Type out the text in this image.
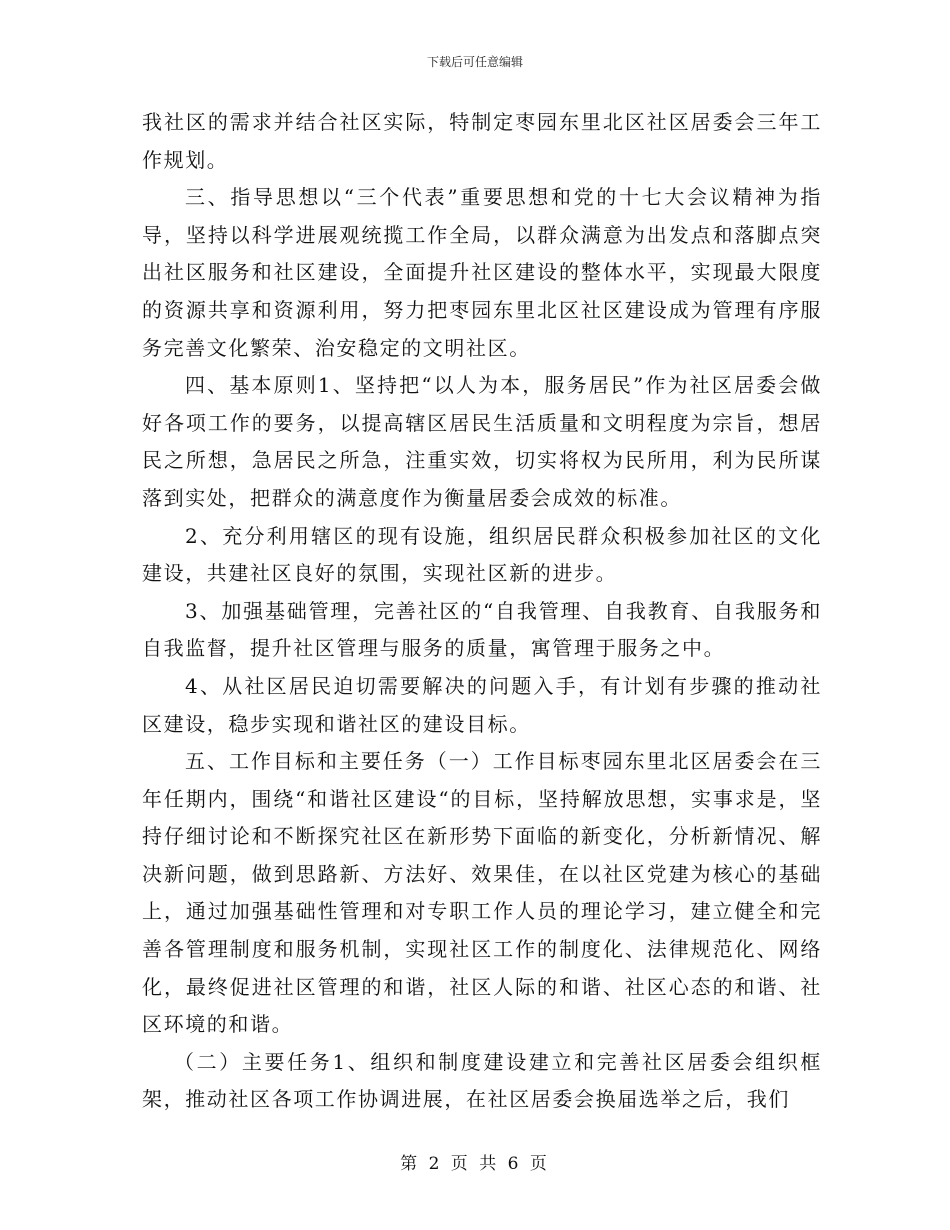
下载后可任意编辑

我社区的需求并结合社区实际，特制定枣园东里北区社区居委会三年工作规划。

三、指导思想以“三个代表”重要思想和党的十七大会议精神为指导，坚持以科学进展观统揽工作全局，以群众满意为出发点和落脚点突出社区服务和社区建设，全面提升社区建设的整体水平，实现最大限度的资源共享和资源利用，努力把枣园东里北区社区建设成为管理有序服务完善文化繁荣、治安稳定的文明社区。

四、基本原则1、坚持把“以人为本，服务居民”作为社区居委会做好各项工作的要务，以提高辖区居民生活质量和文明程度为宗旨，想居民之所想，急居民之所急，注重实效，切实将权为民所用，利为民所谋落到实处，把群众的满意度作为衡量居委会成效的标准。

2、充分利用辖区的现有设施，组织居民群众积极参加社区的文化建设，共建社区良好的氛围，实现社区新的进步。

3、加强基础管理，完善社区的“自我管理、自我教育、自我服务和自我监督，提升社区管理与服务的质量，寓管理于服务之中。

4、从社区居民迫切需要解决的问题入手，有计划有步骤的推动社区建设，稳步实现和谐社区的建设目标。

五、工作目标和主要任务（一）工作目标枣园东里北区居委会在三年任期内，围绕“和谐社区建设“的目标，坚持解放思想，实事求是，坚持仔细讨论和不断探究社区在新形势下面临的新变化，分析新情况、解决新问题，做到思路新、方法好、效果佳，在以社区党建为核心的基础上，通过加强基础性管理和对专职工作人员的理论学习，建立健全和完善各管理制度和服务机制，实现社区工作的制度化、法律规范化、网络化，最终促进社区管理的和谐，社区人际的和谐、社区心态的和谐、社区环境的和谐。

（二）主要任务1、组织和制度建设建立和完善社区居委会组织框架，推动社区各项工作协调进展，在社区居委会换届选举之后，我们

第 2 页 共 6 页
